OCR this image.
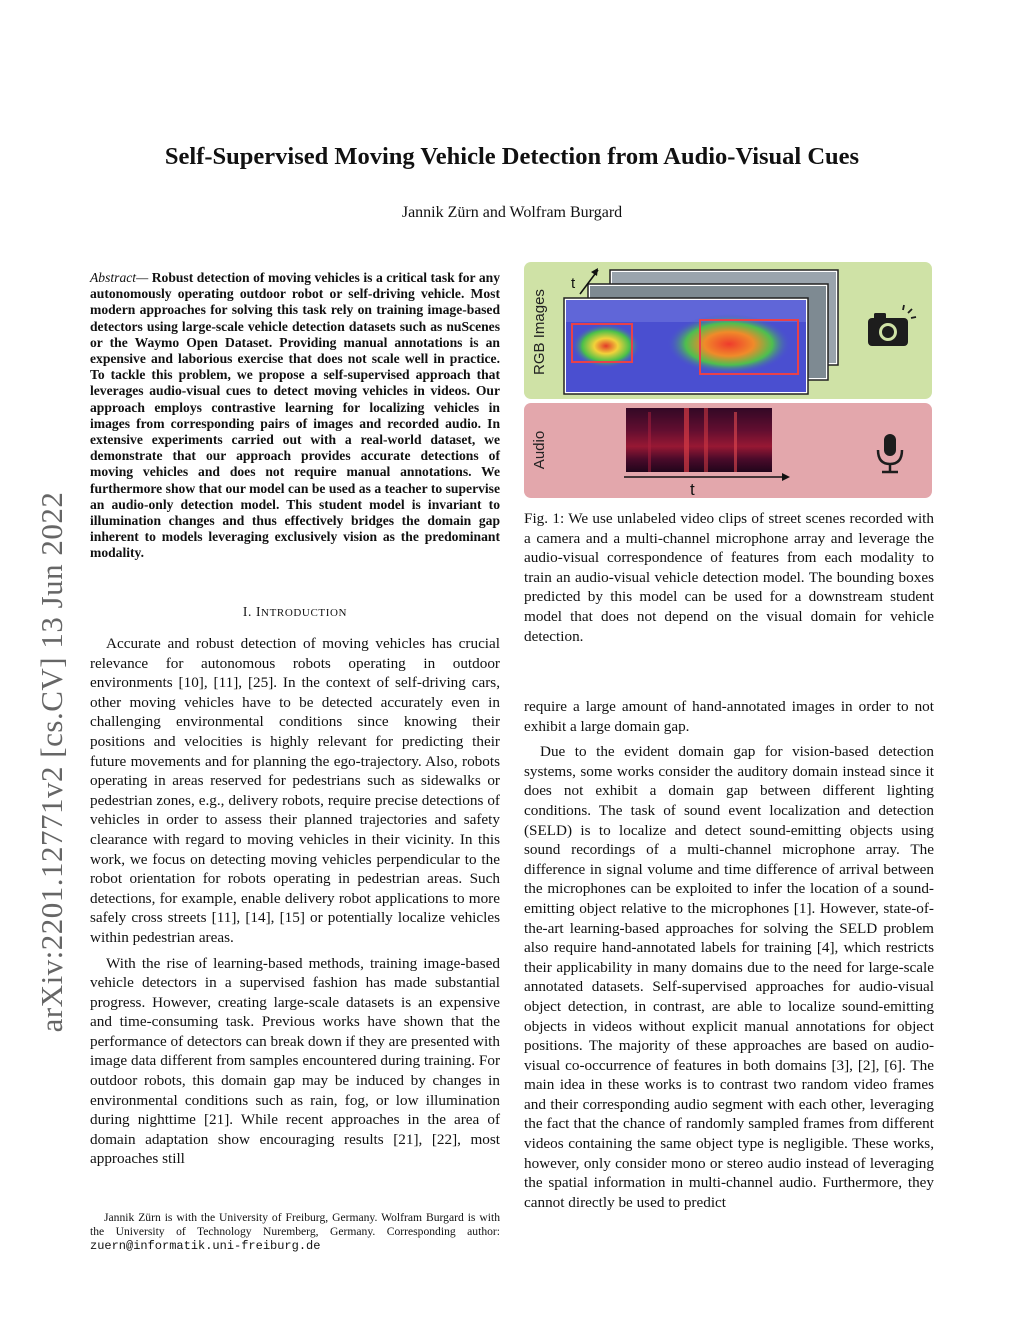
arXiv:2201.12771v2 [cs.CV] 13 Jun 2022
Self-Supervised Moving Vehicle Detection from Audio-Visual Cues
Jannik Zürn and Wolfram Burgard
Abstract— Robust detection of moving vehicles is a critical task for any autonomously operating outdoor robot or self-driving vehicle. Most modern approaches for solving this task rely on training image-based detectors using large-scale vehicle detection datasets such as nuScenes or the Waymo Open Dataset. Providing manual annotations is an expensive and laborious exercise that does not scale well in practice. To tackle this problem, we propose a self-supervised approach that leverages audio-visual cues to detect moving vehicles in videos. Our approach employs contrastive learning for localizing vehicles in images from corresponding pairs of images and recorded audio. In extensive experiments carried out with a real-world dataset, we demonstrate that our approach provides accurate detections of moving vehicles and does not require manual annotations. We furthermore show that our model can be used as a teacher to supervise an audio-only detection model. This student model is invariant to illumination changes and thus effectively bridges the domain gap inherent to models leveraging exclusively vision as the predominant modality.
I. INTRODUCTION

Accurate and robust detection of moving vehicles has crucial relevance for autonomous robots operating in outdoor environments [10], [11], [25]. In the context of self-driving cars, other moving vehicles have to be detected accurately even in challenging environmental conditions since knowing their positions and velocities is highly relevant for predicting their future movements and for planning the ego-trajectory. Also, robots operating in areas reserved for pedestrians such as sidewalks or pedestrian zones, e.g., delivery robots, require precise detections of vehicles in order to assess their planned trajectories and safety clearance with regard to moving vehicles in their vicinity. In this work, we focus on detecting moving vehicles perpendicular to the robot orientation for robots operating in pedestrian areas. Such detections, for example, enable delivery robot applications to more safely cross streets [11], [14], [15] or potentially localize vehicles within pedestrian areas.

With the rise of learning-based methods, training image-based vehicle detectors in a supervised fashion has made substantial progress. However, creating large-scale datasets is an expensive and time-consuming task. Previous works have shown that the performance of detectors can break down if they are presented with image data different from samples encountered during training. For outdoor robots, this domain gap may be induced by changes in environmental conditions such as rain, fog, or low illumination during nighttime [21]. While recent approaches in the area of domain adaptation show encouraging results [21], [22], most approaches still

Jannik Zürn is with the University of Freiburg, Germany. Wolfram Burgard is with the University of Technology Nuremberg, Germany. Corresponding author: zuern@informatik.uni-freiburg.de
RGB Images
t
Audio
t
Fig. 1: We use unlabeled video clips of street scenes recorded with a camera and a multi-channel microphone array and leverage the audio-visual correspondence of features from each modality to train an audio-visual vehicle detection model. The bounding boxes predicted by this model can be used for a downstream student model that does not depend on the visual domain for vehicle detection.

require a large amount of hand-annotated images in order to not exhibit a large domain gap.

Due to the evident domain gap for vision-based detection systems, some works consider the auditory domain instead since it does not exhibit a domain gap between different lighting conditions. The task of sound event localization and detection (SELD) is to localize and detect sound-emitting objects using sound recordings of a multi-channel microphone array. The difference in signal volume and time difference of arrival between the microphones can be exploited to infer the location of a sound-emitting object relative to the microphones [1]. However, state-of-the-art learning-based approaches for solving the SELD problem also require hand-annotated labels for training [4], which restricts their applicability in many domains due to the need for large-scale annotated datasets. Self-supervised approaches for audio-visual object detection, in contrast, are able to localize sound-emitting objects in videos without explicit manual annotations for object positions. The majority of these approaches are based on audio-visual co-occurrence of features in both domains [3], [2], [6]. The main idea in these works is to contrast two random video frames and their corresponding audio segment with each other, leveraging the fact that the chance of randomly sampled frames from different videos containing the same object type is negligible. These works, however, only consider mono or stereo audio instead of leveraging the spatial information in multi-channel audio. Furthermore, they cannot directly be used to predict
